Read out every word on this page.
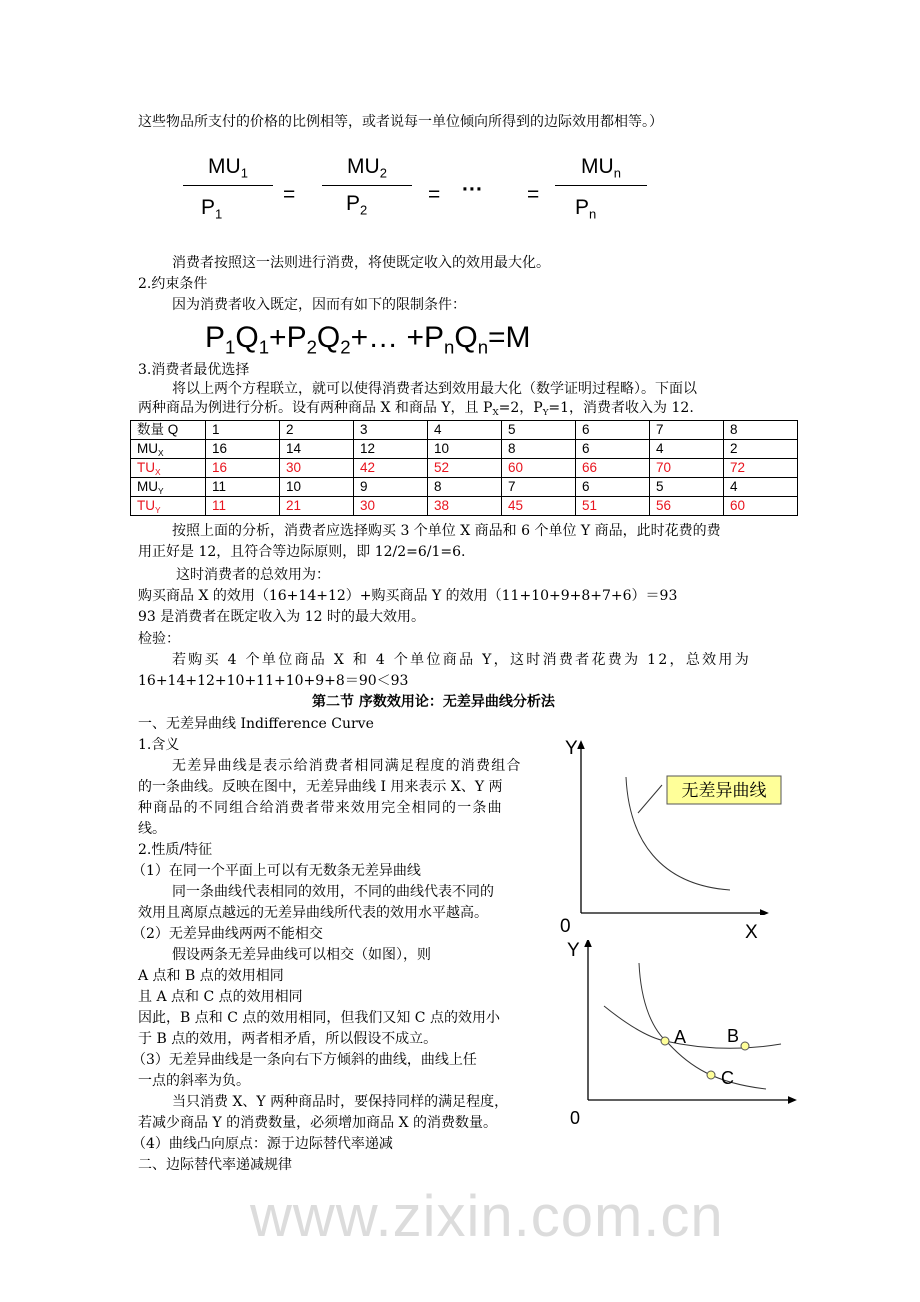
www.zixin.com.cn
这些物品所支付的价格的比例相等，或者说每一单位倾向所得到的边际效用都相等。）
$MU_1$
$P_1$
=
$MU_2$
$P_2$
= ··· =
$MU_n$
$P_n$
消费者按照这一法则进行消费，将使既定收入的效用最大化。
2.约束条件
因为消费者收入既定，因而有如下的限制条件：
$P_1Q_1+P_2Q_2+\dots +P_nQ_n=M$
3.消费者最优选择
将以上两个方程联立，就可以使得消费者达到效用最大化（数学证明过程略）。下面以
两种商品为例进行分析。设有两种商品 X 和商品 Y，且 $P_X=2$，$P_Y=1$，消费者收入为 12.
数量 Q	1	2	3	4	5	6	7	8
$MU_X$	16	14	12	10	8	6	4	2
$TU_X$	16	30	42	52	60	66	70	72
$MU_Y$	11	10	9	8	7	6	5	4
$TU_Y$	11	21	30	38	45	51	56	60
按照上面的分析，消费者应选择购买 3 个单位 X 商品和 6 个单位 Y 商品，此时花费的费
用正好是 12，且符合等边际原则，即 12/2=6/1=6.
这时消费者的总效用为：
购买商品 X 的效用（16+14+12）+购买商品 Y 的效用（11+10+9+8+7+6）＝93
93 是消费者在既定收入为 12 时的最大效用。
检验：
若购买 4 个单位商品 X 和 4 个单位商品 Y，这时消费者花费为 12，总效用为
16+14+12+10+11+10+9+8＝90＜93
第二节 序数效用论：无差异曲线分析法
一、无差异曲线 Indifference Curve
1.含义
无差异曲线是表示给消费者相同满足程度的消费组合
的一条曲线。反映在图中，无差异曲线 I 用来表示 X、Y 两
种商品的不同组合给消费者带来效用完全相同的一条曲
线。
2.性质/特征
（1）在同一个平面上可以有无数条无差异曲线
同一条曲线代表相同的效用，不同的曲线代表不同的
效用且离原点越远的无差异曲线所代表的效用水平越高。
（2）无差异曲线两两不能相交
假设两条无差异曲线可以相交（如图），则
A 点和 B 点的效用相同
且 A 点和 C 点的效用相同
因此，B 点和 C 点的效用相同，但我们又知 C 点的效用小
于 B 点的效用，两者相矛盾，所以假设不成立。
（3）无差异曲线是一条向右下方倾斜的曲线，曲线上任
一点的斜率为负。
当只消费 X、Y 两种商品时，要保持同样的满足程度，
若减少商品 Y 的消费数量，必须增加商品 X 的消费数量。
（4）曲线凸向原点：源于边际替代率递减
二、边际替代率递减规律
Y
无差异曲线
X
0
Y
A B
C
0
